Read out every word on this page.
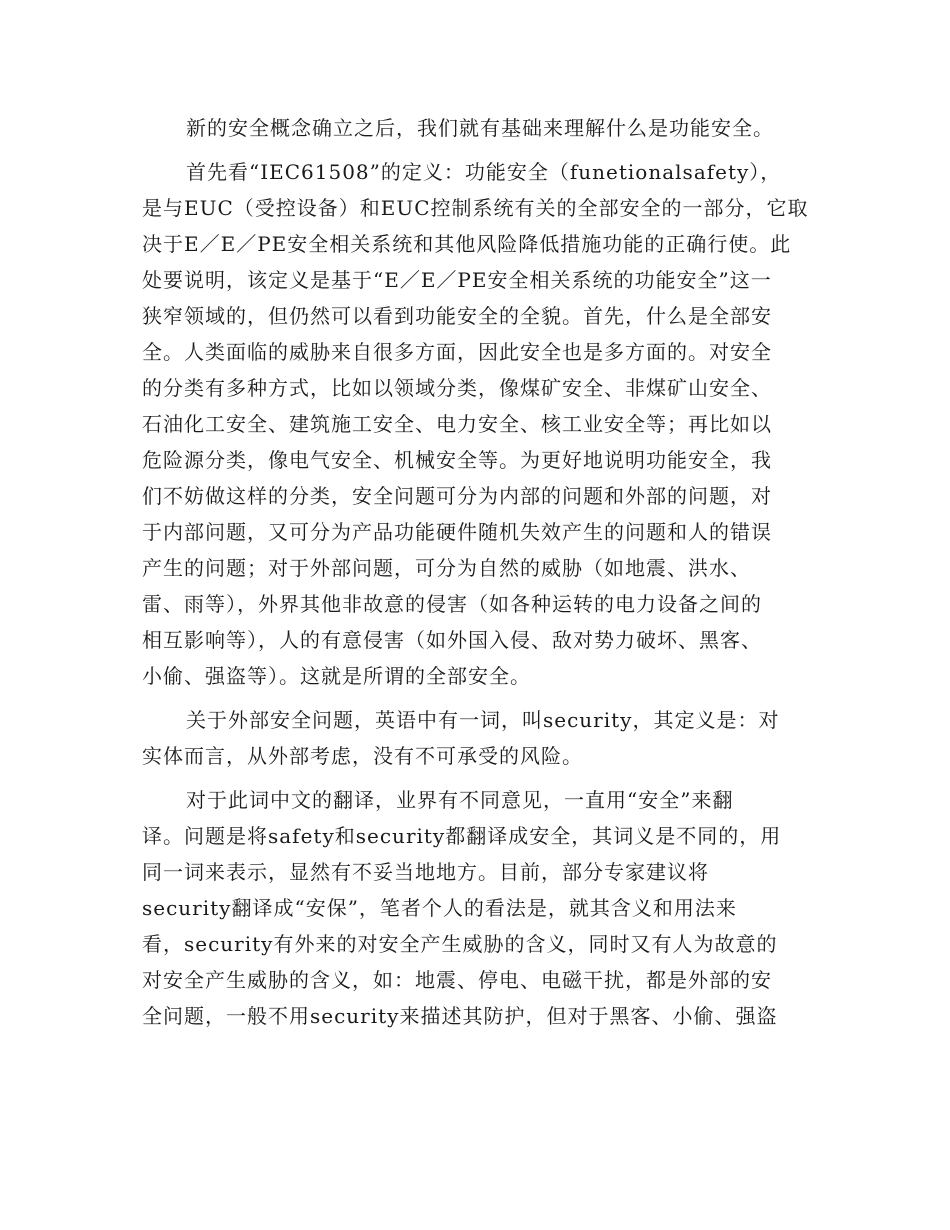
新的安全概念确立之后，我们就有基础来理解什么是功能安全。
首先看“IEC61508”的定义：功能安全（funetionalsafety），
是与EUC（受控设备）和EUC控制系统有关的全部安全的一部分，它取
决于E／E／PE安全相关系统和其他风险降低措施功能的正确行使。此
处要说明，该定义是基于“E／E／PE安全相关系统的功能安全”这一
狭窄领域的，但仍然可以看到功能安全的全貌。首先，什么是全部安
全。人类面临的威胁来自很多方面，因此安全也是多方面的。对安全
的分类有多种方式，比如以领域分类，像煤矿安全、非煤矿山安全、
石油化工安全、建筑施工安全、电力安全、核工业安全等；再比如以
危险源分类，像电气安全、机械安全等。为更好地说明功能安全，我
们不妨做这样的分类，安全问题可分为内部的问题和外部的问题，对
于内部问题，又可分为产品功能硬件随机失效产生的问题和人的错误
产生的问题；对于外部问题，可分为自然的威胁（如地震、洪水、
雷、雨等），外界其他非故意的侵害（如各种运转的电力设备之间的
相互影响等），人的有意侵害（如外国入侵、敌对势力破坏、黑客、
小偷、强盗等）。这就是所谓的全部安全。
关于外部安全问题，英语中有一词，叫security，其定义是：对
实体而言，从外部考虑，没有不可承受的风险。
对于此词中文的翻译，业界有不同意见，一直用“安全”来翻
译。问题是将safety和security都翻译成安全，其词义是不同的，用
同一词来表示，显然有不妥当地地方。目前，部分专家建议将
security翻译成“安保”，笔者个人的看法是，就其含义和用法来
看，security有外来的对安全产生威胁的含义，同时又有人为故意的
对安全产生威胁的含义，如：地震、停电、电磁干扰，都是外部的安
全问题，一般不用security来描述其防护，但对于黑客、小偷、强盗
